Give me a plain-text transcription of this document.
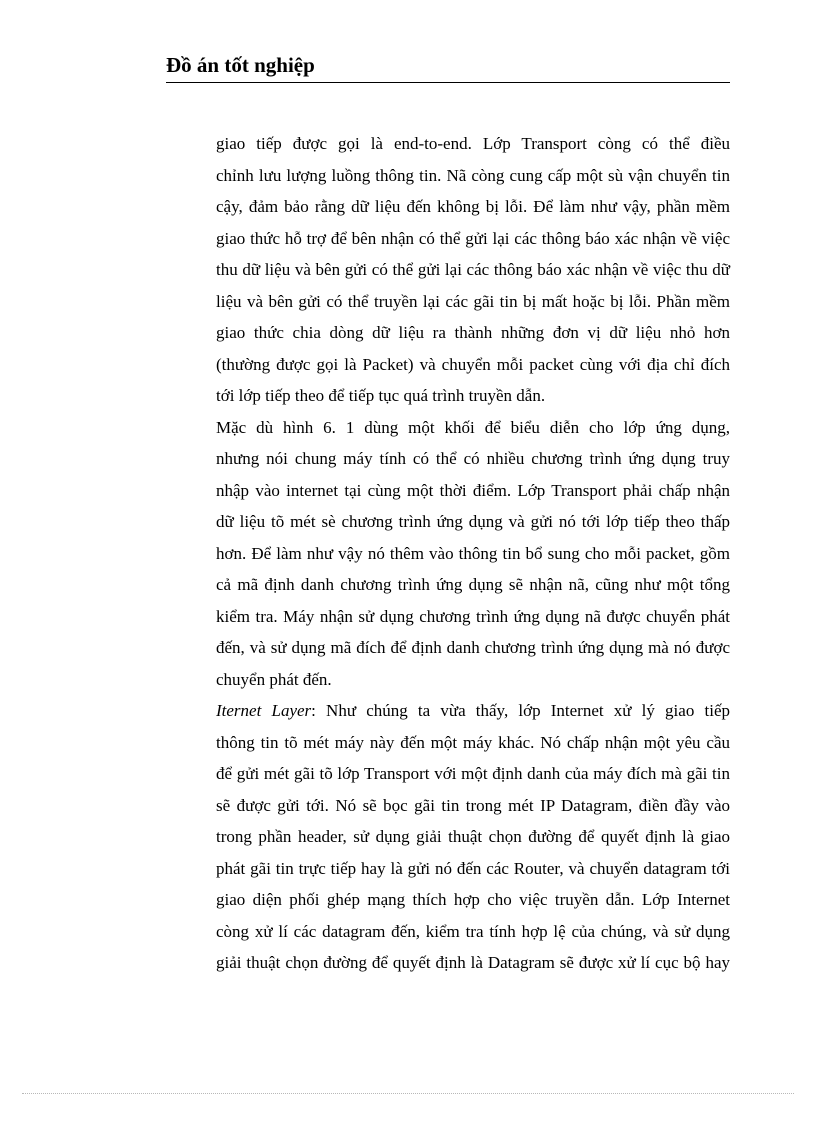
Đồ án tốt nghiệp

giao tiếp được gọi là end-to-end. Lớp Transport còng có thể điều
chỉnh lưu lượng luồng thông tin. Nã còng cung cấp một sù vận chuyển tin
cậy, đảm bảo rằng dữ liệu đến không bị lỗi. Để làm như vậy, phần mềm
giao thức hỗ trợ để bên nhận có thể gửi lại các thông báo xác nhận về việc
thu dữ liệu và bên gửi có thể gửi lại các thông báo xác nhận về việc thu dữ
liệu và bên gửi có thể truyền lại các gãi tin bị mất hoặc bị lỗi. Phần mềm
giao thức chia dòng dữ liệu ra thành những đơn vị dữ liệu nhỏ hơn
(thường được gọi là Packet) và chuyển mỗi packet cùng với địa chỉ đích
tới lớp tiếp theo để tiếp tục quá trình truyền dẫn.

Mặc dù hình 6. 1 dùng một khối để biểu diễn cho lớp ứng dụng,
nhưng nói chung máy tính có thể có nhiều chương trình ứng dụng truy
nhập vào internet tại cùng một thời điểm. Lớp Transport phải chấp nhận
dữ liệu tõ mét sè chương trình ứng dụng và gửi nó tới lớp tiếp theo thấp
hơn. Để làm như vậy nó thêm vào thông tin bổ sung cho mỗi packet, gồm
cả mã định danh chương trình ứng dụng sẽ nhận nã, cũng như một tổng
kiểm tra. Máy nhận sử dụng chương trình ứng dụng nã được chuyển phát
đến, và sử dụng mã đích để định danh chương trình ứng dụng mà nó được
chuyển phát đến.

Iternet Layer: Như chúng ta vừa thấy, lớp Internet xử lý giao tiếp
thông tin tõ mét máy này đến một máy khác. Nó chấp nhận một yêu cầu
để gửi mét gãi tõ lớp Transport với một định danh của máy đích mà gãi tin
sẽ được gửi tới. Nó sẽ bọc gãi tin trong mét IP Datagram, điền đầy vào
trong phần header, sử dụng giải thuật chọn đường để quyết định là giao
phát gãi tin trực tiếp hay là gửi nó đến các Router, và chuyển datagram tới
giao diện phối ghép mạng thích hợp cho việc truyền dẫn. Lớp Internet
còng xử lí các datagram đến, kiểm tra tính hợp lệ của chúng, và sử dụng
giải thuật chọn đường để quyết định là Datagram sẽ được xử lí cục bộ hay
